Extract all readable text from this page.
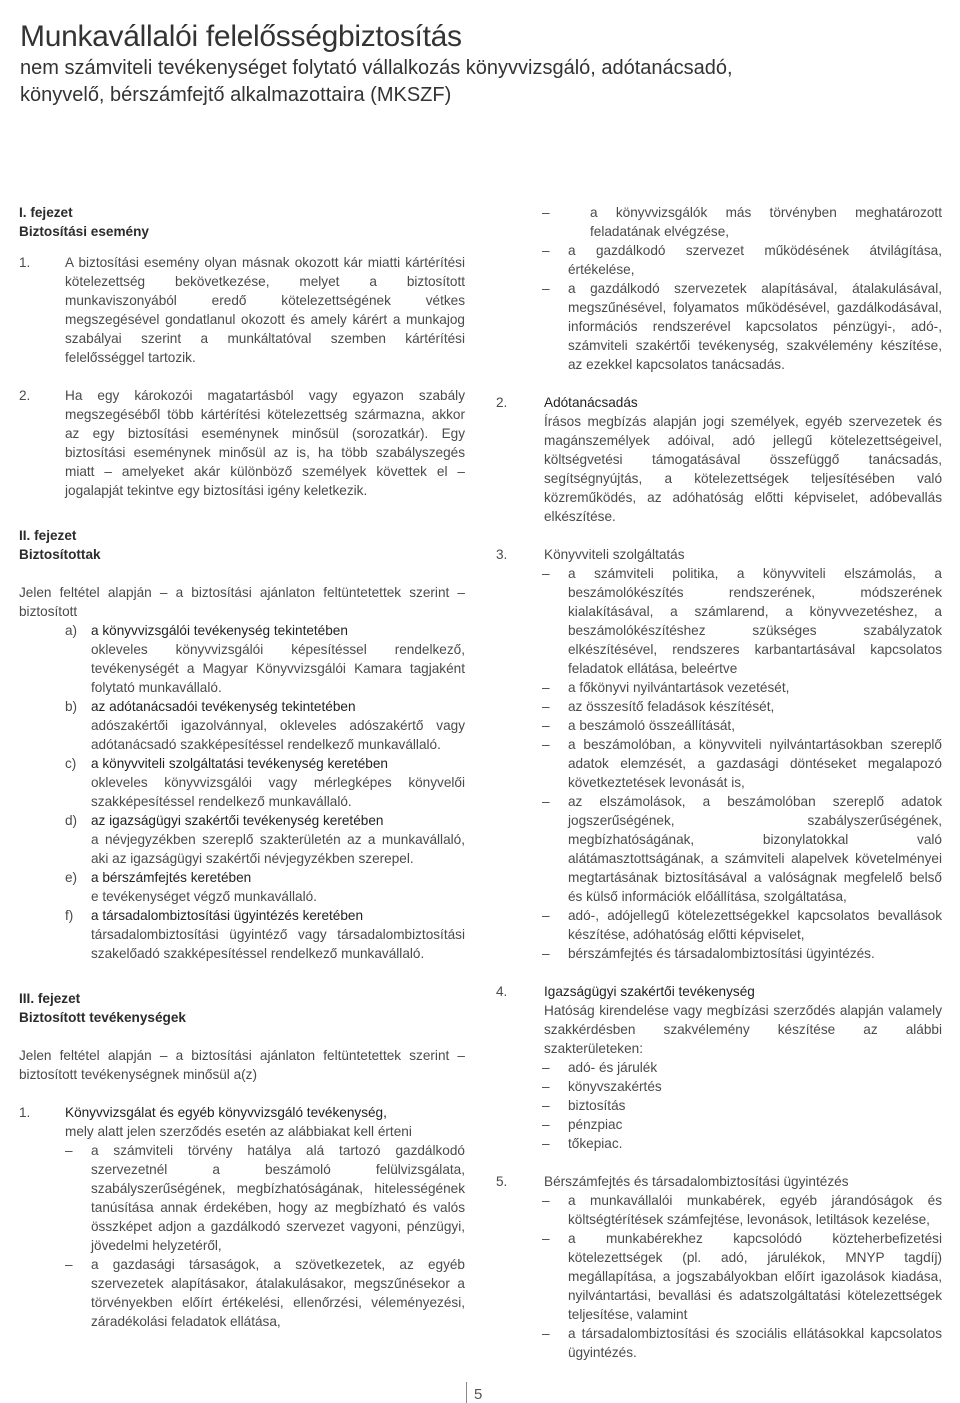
Munkavállalói felelősségbiztosítás
nem számviteli tevékenységet folytató vállalkozás könyvvizsgáló, adótanácsadó,
könyvelő, bérszámfejtő alkalmazottaira (MKSZF)
I. fejezet
Biztosítási esemény
1.	A biztosítási esemény olyan másnak okozott kár miatti kártérítési kötelezettség bekövetkezése, melyet a biztosított munkaviszonyából eredő kötelezettségének vétkes megszegésével gondatlanul okozott és amely kárért a munkajog szabályai szerint a munkáltatóval szemben kártérítési felelősséggel tartozik.
2.	Ha egy károkozói magatartásból vagy egyazon szabály megszegéséből több kártérítési kötelezettség származna, akkor az egy biztosítási eseménynek minősül (sorozatkár). Egy biztosítási eseménynek minősül az is, ha több szabályszegés miatt – amelyeket akár különböző személyek követtek el – jogalapját tekintve egy biztosítási igény keletkezik.
II. fejezet
Biztosítottak
Jelen feltétel alapján – a biztosítási ajánlaton feltüntetettek szerint – biztosított
a)	a könyvvizsgálói tevékenység tekintetében
okleveles könyvvizsgálói képesítéssel rendelkező, tevékenységét a Magyar Könyvvizsgálói Kamara tagjaként folytató munkavállaló.
b)	az adótanácsadói tevékenység tekintetében
adószakértői igazolvánnyal, okleveles adószakértő vagy adótanácsadó szakképesítéssel rendelkező munkavállaló.
c)	a könyvviteli szolgáltatási tevékenység keretében
okleveles könyvvizsgálói vagy mérlegképes könyvelői szakképesítéssel rendelkező munkavállaló.
d)	az igazságügyi szakértői tevékenység keretében
a névjegyzékben szereplő szakterületén az a munkavállaló, aki az igazságügyi szakértői névjegyzékben szerepel.
e)	a bérszámfejtés keretében
e tevékenységet végző munkavállaló.
f)	a társadalombiztosítási ügyintézés keretében
társadalombiztosítási ügyintéző vagy társadalombiztosítási szakelőadó szakképesítéssel rendelkező munkavállaló.
III. fejezet
Biztosított tevékenységek
Jelen feltétel alapján – a biztosítási ajánlaton feltüntetettek szerint – biztosított tevékenységnek minősül a(z)
1.	Könyvvizsgálat és egyéb könyvvizsgáló tevékenység,
mely alatt jelen szerződés esetén az alábbiakat kell érteni
–	a számviteli törvény hatálya alá tartozó gazdálkodó szervezetnél a beszámoló felülvizsgálata, szabályszerűségének, megbízhatóságának, hitelességének tanúsítása annak érdekében, hogy az megbízható és valós összképet adjon a gazdálkodó szervezet vagyoni, pénzügyi, jövedelmi helyzetéről,
–	a gazdasági társaságok, a szövetkezetek, az egyéb szervezetek alapításakor, átalakulásakor, megszűnésekor a törvényekben előírt értékelési, ellenőrzési, véleményezési, záradékolási feladatok ellátása,
–	a könyvvizsgálók más törvényben meghatározott feladatának elvégzése,
–	a gazdálkodó szervezet működésének átvilágítása, értékelése,
–	a gazdálkodó szervezetek alapításával, átalakulásával, megszűnésével, folyamatos működésével, gazdálkodásával, információs rendszerével kapcsolatos pénzügyi-, adó-, számviteli szakértői tevékenység, szakvélemény készítése, az ezekkel kapcsolatos tanácsadás.
2.	Adótanácsadás
Írásos megbízás alapján jogi személyek, egyéb szervezetek és magánszemélyek adóival, adó jellegű kötelezettségeivel, költségvetési támogatásával összefüggő tanácsadás, segítségnyújtás, a kötelezettségek teljesítésében való közreműködés, az adóhatóság előtti képviselet, adóbevallás elkészítése.
3.	Könyvviteli szolgáltatás
–	a számviteli politika, a könyvviteli elszámolás, a beszámolókészítés rendszerének, módszerének kialakításával, a számlarend, a könyvvezetéshez, a beszámolókészítéshez szükséges szabályzatok elkészítésével, rendszeres karbantartásával kapcsolatos feladatok ellátása, beleértve
–	a főkönyvi nyilvántartások vezetését,
–	az összesítő feladások készítését,
–	a beszámoló összeállítását,
–	a beszámolóban, a könyvviteli nyilvántartásokban szereplő adatok elemzését, a gazdasági döntéseket megalapozó következtetések levonását is,
–	az elszámolások, a beszámolóban szereplő adatok jogszerűségének, szabályszerűségének, megbízhatóságának, bizonylatokkal való alátámasztottságának, a számviteli alapelvek követelményei megtartásának biztosításával a valóságnak megfelelő belső és külső információk előállítása, szolgáltatása,
–	adó-, adójellegű kötelezettségekkel kapcsolatos bevallások készítése, adóhatóság előtti képviselet,
–	bérszámfejtés és társadalombiztosítási ügyintézés.
4.	Igazságügyi szakértői tevékenység
Hatóság kirendelése vagy megbízási szerződés alapján valamely szakkérdésben szakvélemény készítése az alábbi szakterületeken:
–	adó- és járulék
–	könyvszakértés
–	biztosítás
–	pénzpiac
–	tőkepiac.
5.	Bérszámfejtés és társadalombiztosítási ügyintézés
–	a munkavállalói munkabérek, egyéb járandóságok és költségtérítések számfejtése, levonások, letiltások kezelése,
–	a munkabérekhez kapcsolódó közteherbefizetési kötelezettségek (pl. adó, járulékok, MNYP tagdíj) megállapítása, a jogszabályokban előírt igazolások kiadása, nyilvántartási, bevallási és adatszolgáltatási kötelezettségek teljesítése, valamint
–	a társadalombiztosítási és szociális ellátásokkal kapcsolatos ügyintézés.
5
